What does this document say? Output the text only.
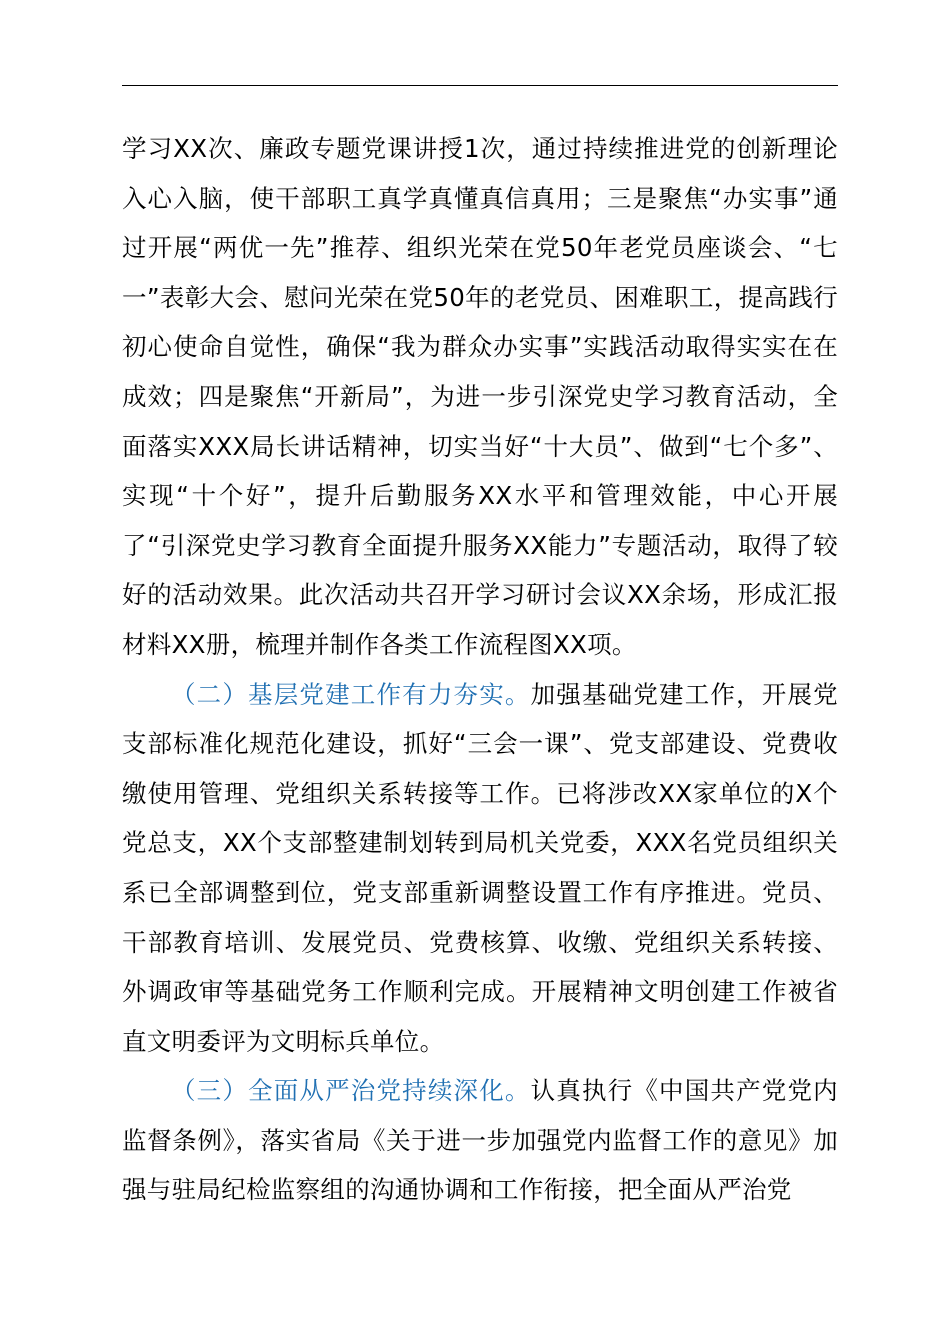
学习XX次、廉政专题党课讲授1次，通过持续推进党的创新理论入心入脑，使干部职工真学真懂真信真用；三是聚焦“办实事”通过开展“两优一先”推荐、组织光荣在党50年老党员座谈会、“七一”表彰大会、慰问光荣在党50年的老党员、困难职工，提高践行初心使命自觉性，确保“我为群众办实事”实践活动取得实实在在成效；四是聚焦“开新局”，为进一步引深党史学习教育活动，全面落实XXX局长讲话精神，切实当好“十大员”、做到“七个多”、实现“十个好”，提升后勤服务XX水平和管理效能，中心开展了“引深党史学习教育全面提升服务XX能力”专题活动，取得了较好的活动效果。此次活动共召开学习研讨会议XX余场，形成汇报材料XX册，梳理并制作各类工作流程图XX项。

（二）基层党建工作有力夯实。加强基础党建工作，开展党支部标准化规范化建设，抓好“三会一课”、党支部建设、党费收缴使用管理、党组织关系转接等工作。已将涉改XX家单位的X个党总支，XX个支部整建制划转到局机关党委，XXX名党员组织关系已全部调整到位，党支部重新调整设置工作有序推进。党员、干部教育培训、发展党员、党费核算、收缴、党组织关系转接、外调政审等基础党务工作顺利完成。开展精神文明创建工作被省直文明委评为文明标兵单位。

（三）全面从严治党持续深化。认真执行《中国共产党党内监督条例》，落实省局《关于进一步加强党内监督工作的意见》加强与驻局纪检监察组的沟通协调和工作衔接，把全面从严治党
